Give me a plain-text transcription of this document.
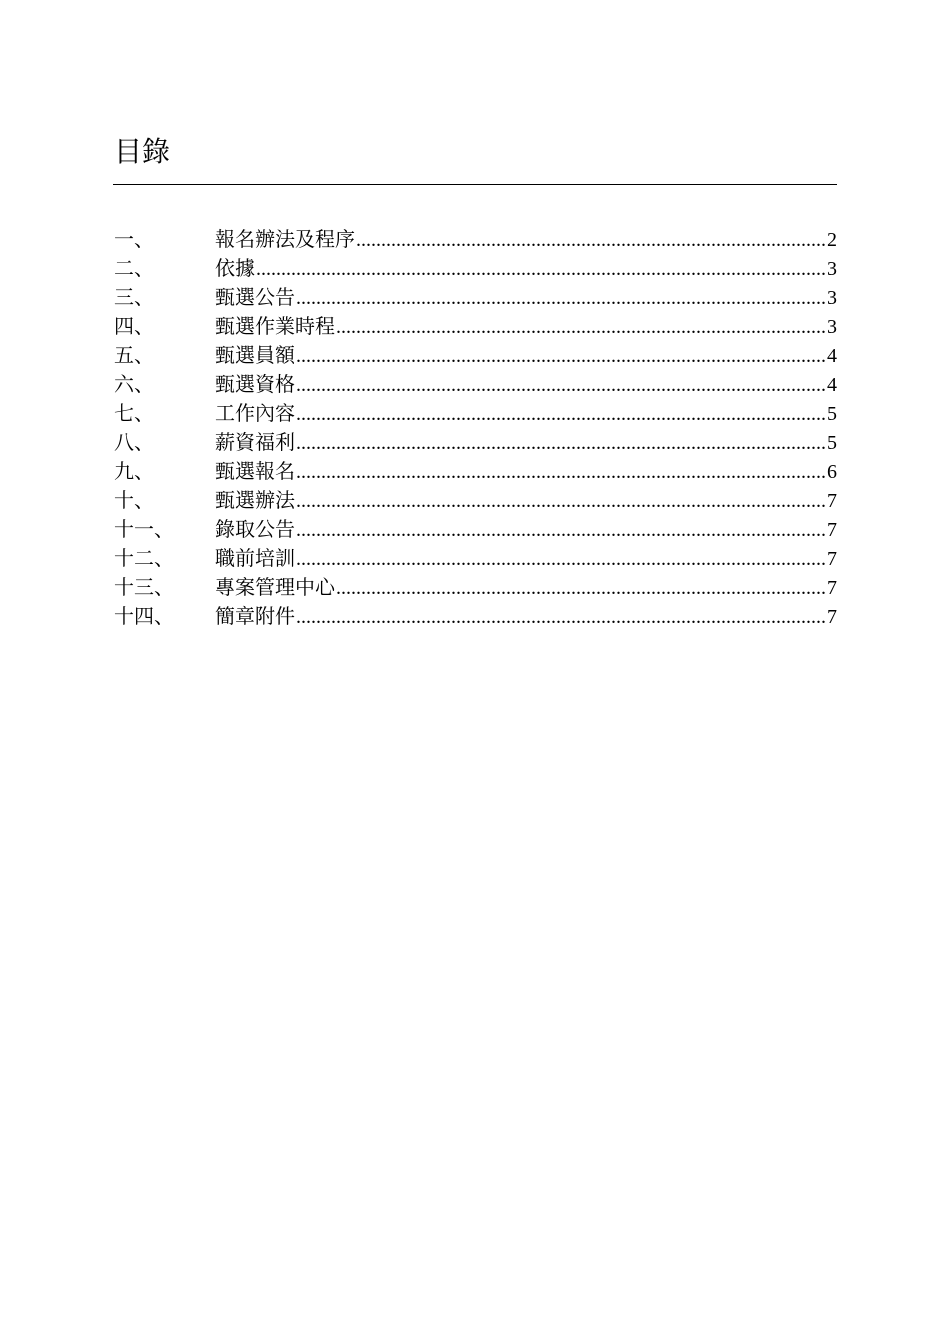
目錄
一、	報名辦法及程序 .....	2
二、	依據 .....	3
三、	甄選公告 .....	3
四、	甄選作業時程 .....	3
五、	甄選員額 .....	4
六、	甄選資格 .....	4
七、	工作內容 .....	5
八、	薪資福利 .....	5
九、	甄選報名 .....	6
十、	甄選辦法 .....	7
十一、	錄取公告 .....	7
十二、	職前培訓 .....	7
十三、	專案管理中心 .....	7
十四、	簡章附件 .....	7
